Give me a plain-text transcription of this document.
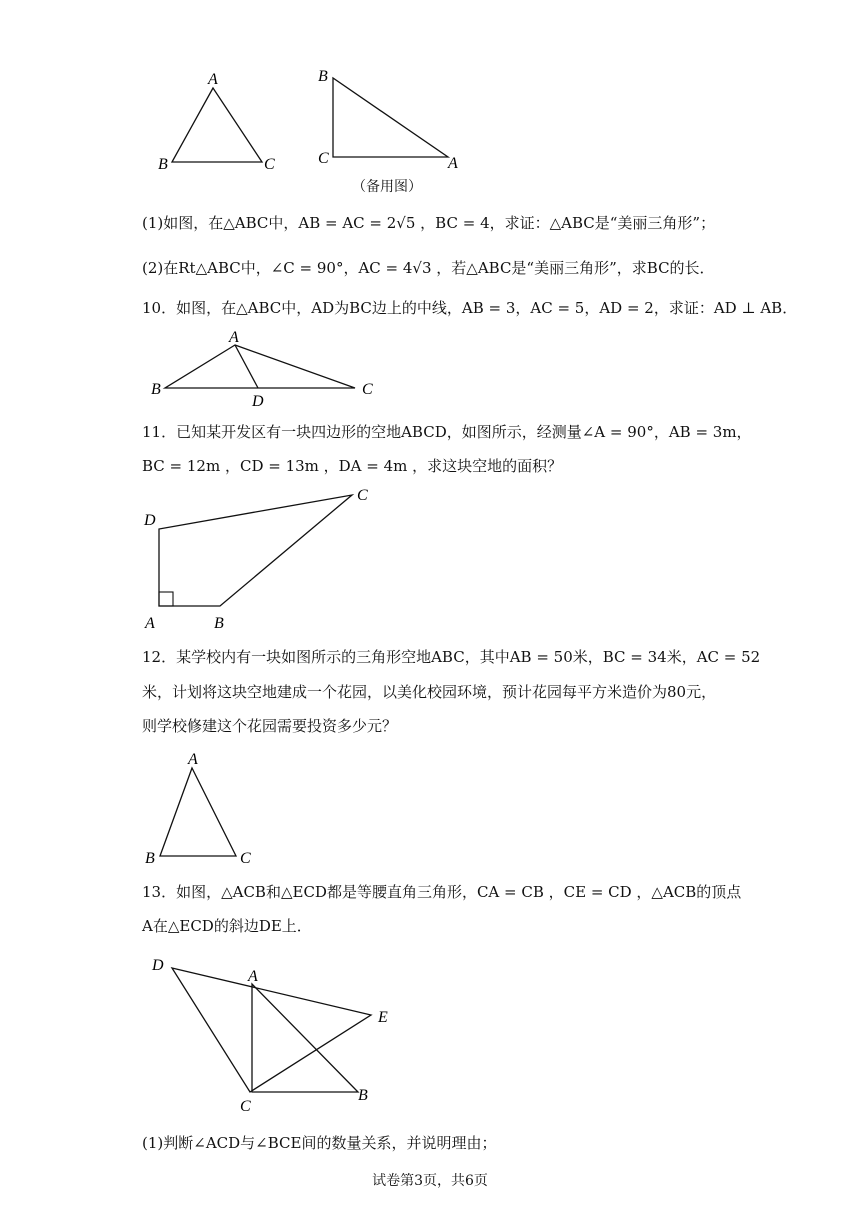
A
B	C
B
C	A
（备用图）
(1)如图，在△ABC中，AB = AC = 2√5 ，BC = 4，求证：△ABC是“美丽三角形”；
(2)在Rt△ABC中，∠C = 90°，AC = 4√3 ，若△ABC是“美丽三角形”，求BC的长．
10．如图，在△ABC中，AD为BC边上的中线，AB = 3，AC = 5，AD = 2，求证：AD ⊥ AB．
A
B	C
D
11．已知某开发区有一块四边形的空地ABCD，如图所示，经测量∠A = 90°，AB = 3m，
BC = 12m ，CD = 13m ，DA = 4m ，求这块空地的面积？
C
D
A	B
12．某学校内有一块如图所示的三角形空地ABC，其中AB = 50米，BC = 34米，AC = 52
米，计划将这块空地建成一个花园，以美化校园环境，预计花园每平方米造价为80元，
则学校修建这个花园需要投资多少元？
A
B	C
13．如图，△ACB和△ECD都是等腰直角三角形，CA = CB ，CE = CD ，△ACB的顶点
A在△ECD的斜边DE上．
D
A
E
C
B
(1)判断∠ACD与∠BCE间的数量关系，并说明理由；
试卷第3页，共6页
